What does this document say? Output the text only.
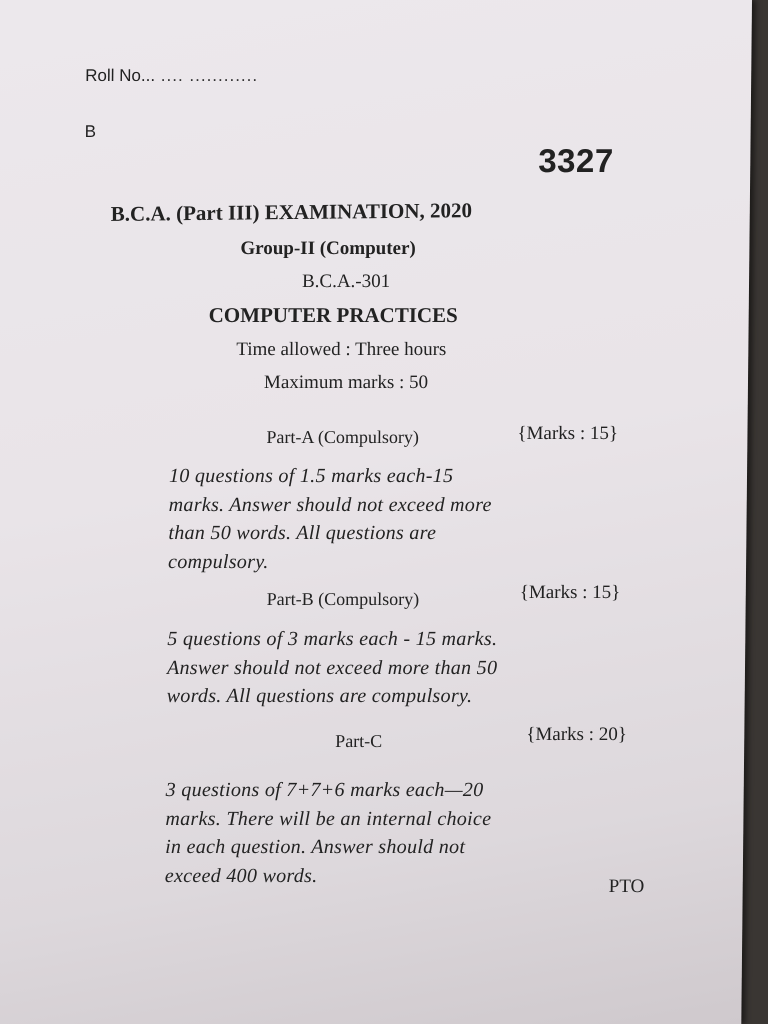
Roll No... .... ............
B
3327
B.C.A. (Part III) EXAMINATION, 2020
Group-II (Computer)
B.C.A.-301
COMPUTER PRACTICES
Time allowed : Three hours
Maximum marks : 50
Part-A (Compulsory)	{Marks : 15}
10 questions of 1.5 marks each-15
marks. Answer should not exceed more
than 50 words. All questions are
compulsory.
Part-B (Compulsory)	{Marks : 15}
5 questions of 3 marks each - 15 marks.
Answer should not exceed more than 50
words. All questions are compulsory.
Part-C	{Marks : 20}
3 questions of 7+7+6 marks each—20
marks. There will be an internal choice
in each question. Answer should not
exceed 400 words.	PTO
